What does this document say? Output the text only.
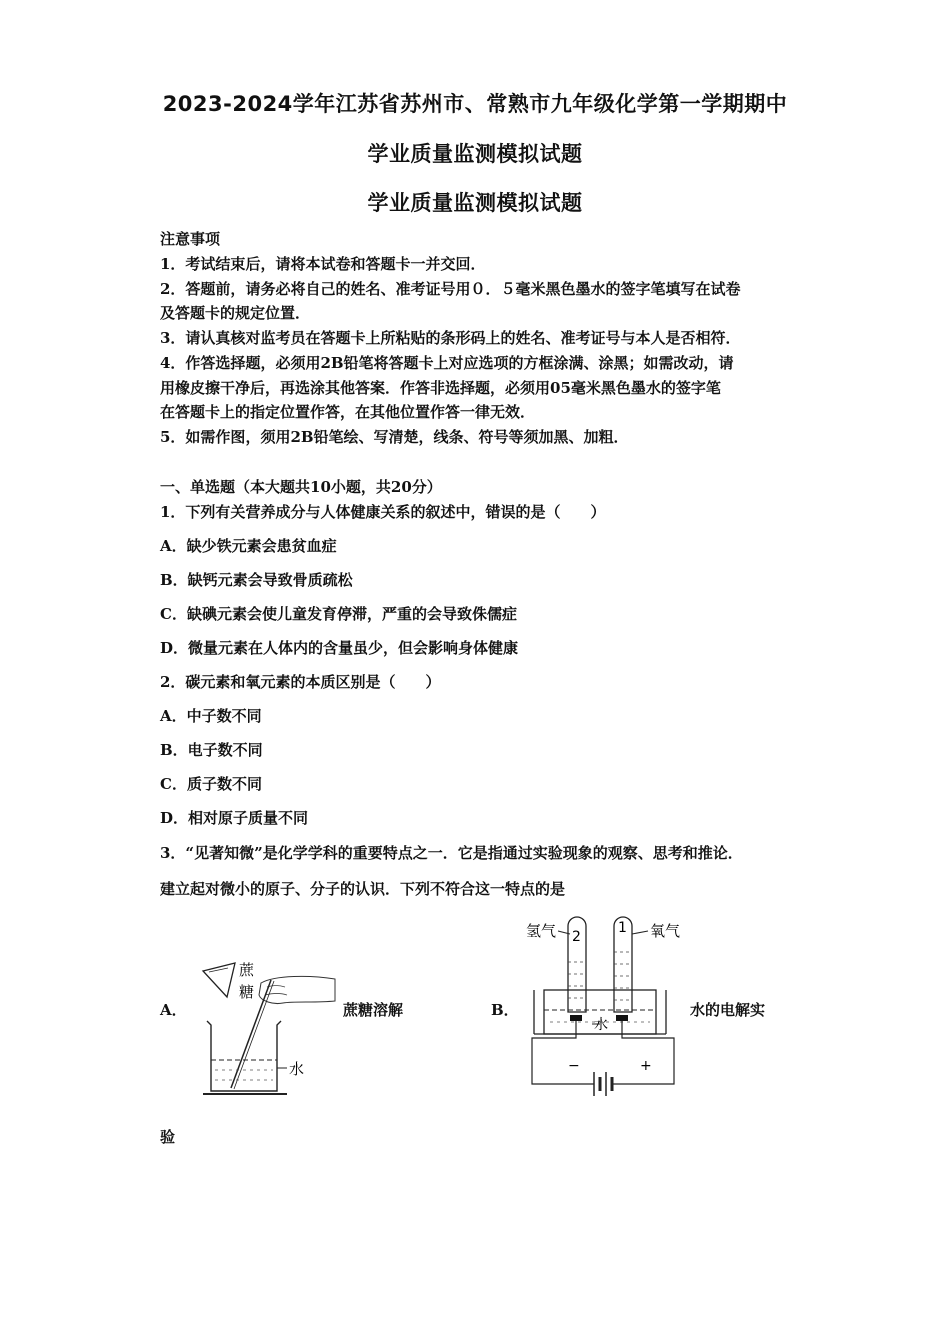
2023-2024学年江苏省苏州市、常熟市九年级化学第一学期期中
学业质量监测模拟试题
学业质量监测模拟试题
注意事项
1．考试结束后，请将本试卷和答题卡一并交回．
2．答题前，请务必将自己的姓名、准考证号用０．５毫米黑色墨水的签字笔填写在试卷
及答题卡的规定位置．
3．请认真核对监考员在答题卡上所粘贴的条形码上的姓名、准考证号与本人是否相符．
4．作答选择题，必须用2B铅笔将答题卡上对应选项的方框涂满、涂黑；如需改动，请
用橡皮擦干净后，再选涂其他答案．作答非选择题，必须用05毫米黑色墨水的签字笔
在答题卡上的指定位置作答，在其他位置作答一律无效．
5．如需作图，须用2B铅笔绘、写清楚，线条、符号等须加黑、加粗．
一、单选题（本大题共10小题，共20分）
1．下列有关营养成分与人体健康关系的叙述中，错误的是（　　）
A．缺少铁元素会患贫血症
B．缺钙元素会导致骨质疏松
C．缺碘元素会使儿童发育停滞，严重的会导致侏儒症
D．微量元素在人体内的含量虽少，但会影响身体健康
2．碳元素和氧元素的本质区别是（　　）
A．中子数不同
B．电子数不同
C．质子数不同
D．相对原子质量不同
3．“见著知微”是化学学科的重要特点之一．它是指通过实验现象的观察、思考和推论．
建立起对微小的原子、分子的认识．下列不符合这一特点的是
A．
蔗
糖
水
蔗糖溶解	B．
氢气	氧气
2
1
水
−	+
水的电解实
验
